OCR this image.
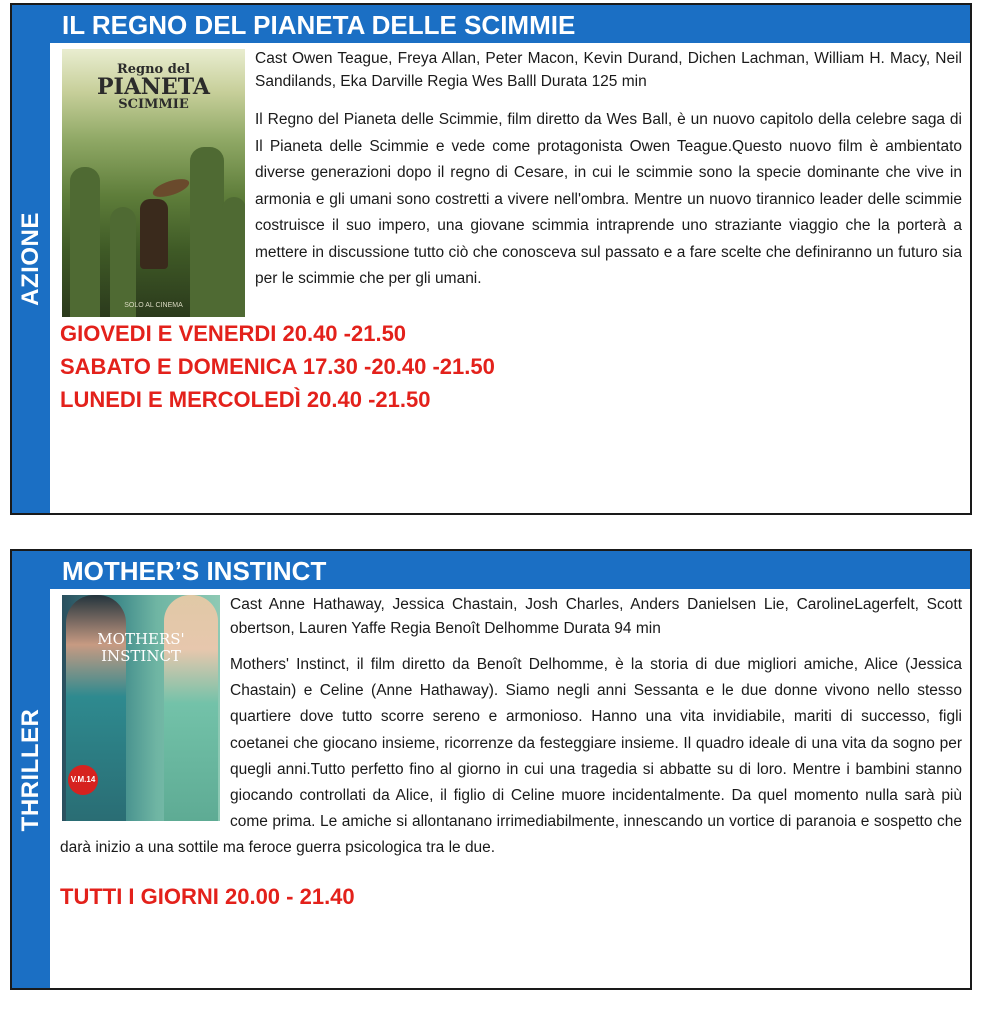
AZIONE
IL REGNO DEL PIANETA DELLE SCIMMIE
Regno del
PIANETA
SCIMMIE
SOLO AL CINEMA

Cast Owen Teague, Freya Allan, Peter Macon, Kevin Durand, Dichen Lachman, William H. Macy, Neil Sandilands, Eka Darville Regia Wes Balll Durata 125 min

Il Regno del Pianeta delle Scimmie, film diretto da Wes Ball, è un nuovo capitolo della celebre saga di Il Pianeta delle Scimmie e vede come protagonista Owen Teague.Questo nuovo film è ambientato diverse generazioni dopo il regno di Cesare, in cui le scimmie sono la specie dominante che vive in armonia e gli umani sono costretti a vivere nell'ombra. Mentre un nuovo tirannico leader delle scimmie costruisce il suo impero, una giovane scimmia intraprende uno straziante viaggio che la porterà a mettere in discussione tutto ciò che conosceva sul passato e a fare scelte che definiranno un futuro sia per le scimmie che per gli umani.

GIOVEDI E VENERDI 20.40 -21.50
SABATO E DOMENICA 17.30 -20.40 -21.50
LUNEDI E MERCOLEDÌ 20.40 -21.50
THRILLER
MOTHER’S INSTINCT
MOTHERS'
INSTINCT
V.M.14

Cast Anne Hathaway, Jessica Chastain, Josh Charles, Anders Danielsen Lie, CarolineLagerfelt, Scott obertson, Lauren Yaffe Regia Benoît Delhomme Durata 94 min

Mothers' Instinct, il film diretto da Benoît Delhomme, è la storia di due migliori amiche, Alice (Jessica Chastain) e Celine (Anne Hathaway). Siamo negli anni Sessanta e le due donne vivono nello stesso quartiere dove tutto scorre sereno e armonioso. Hanno una vita invidiabile, mariti di successo, figli coetanei che giocano insieme, ricorrenze da festeggiare insieme. Il quadro ideale di una vita da sogno per quegli anni.Tutto perfetto fino al giorno in cui una tragedia si abbatte su di loro. Mentre i bambini stanno giocando controllati da Alice, il figlio di Celine muore incidentalmente. Da quel momento nulla sarà più come prima. Le amiche si allontanano irrimediabilmente, innescando un vortice di paranoia e sospetto che darà inizio a una sottile ma feroce guerra psicologica tra le due.

TUTTI I GIORNI 20.00 - 21.40
